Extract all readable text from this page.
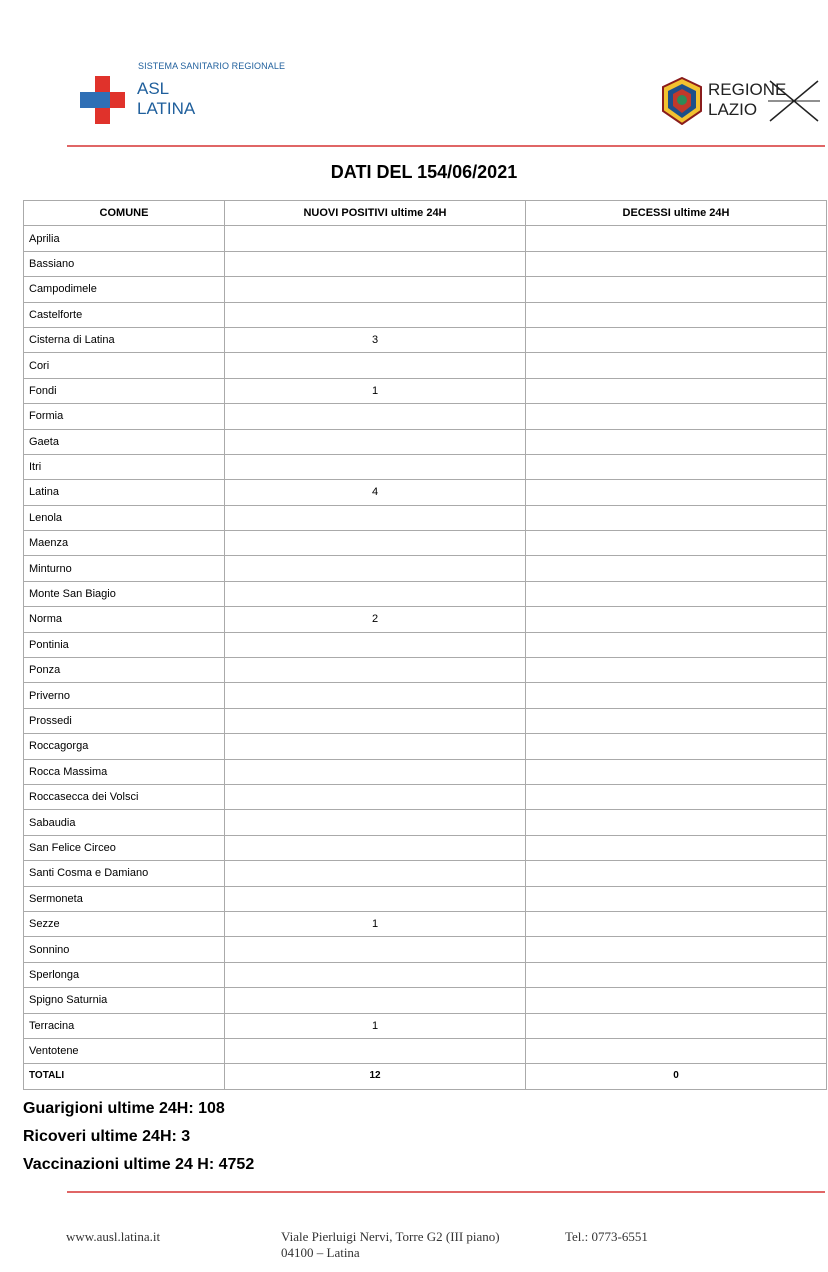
SISTEMA SANITARIO REGIONALE
ASL
LATINA
REGIONE
LAZIO
DATI DEL 154/06/2021
COMUNE	NUOVI POSITIVI ultime 24H	DECESSI ultime 24H
Aprilia		
Bassiano		
Campodimele		
Castelforte		
Cisterna di Latina	3	
Cori		
Fondi	1	
Formia		
Gaeta		
Itri		
Latina	4	
Lenola		
Maenza		
Minturno		
Monte San Biagio		
Norma	2	
Pontinia		
Ponza		
Priverno		
Prossedi		
Roccagorga		
Rocca Massima		
Roccasecca dei Volsci		
Sabaudia		
San Felice Circeo		
Santi Cosma e Damiano		
Sermoneta		
Sezze	1	
Sonnino		
Sperlonga		
Spigno Saturnia		
Terracina	1	
Ventotene		
TOTALI	12	0
Guarigioni ultime 24H: 108
Ricoveri ultime 24H: 3
Vaccinazioni ultime 24 H: 4752
www.ausl.latina.it	Viale Pierluigi Nervi, Torre G2 (III piano)
04100 – Latina
Tel.: 0773-6551
